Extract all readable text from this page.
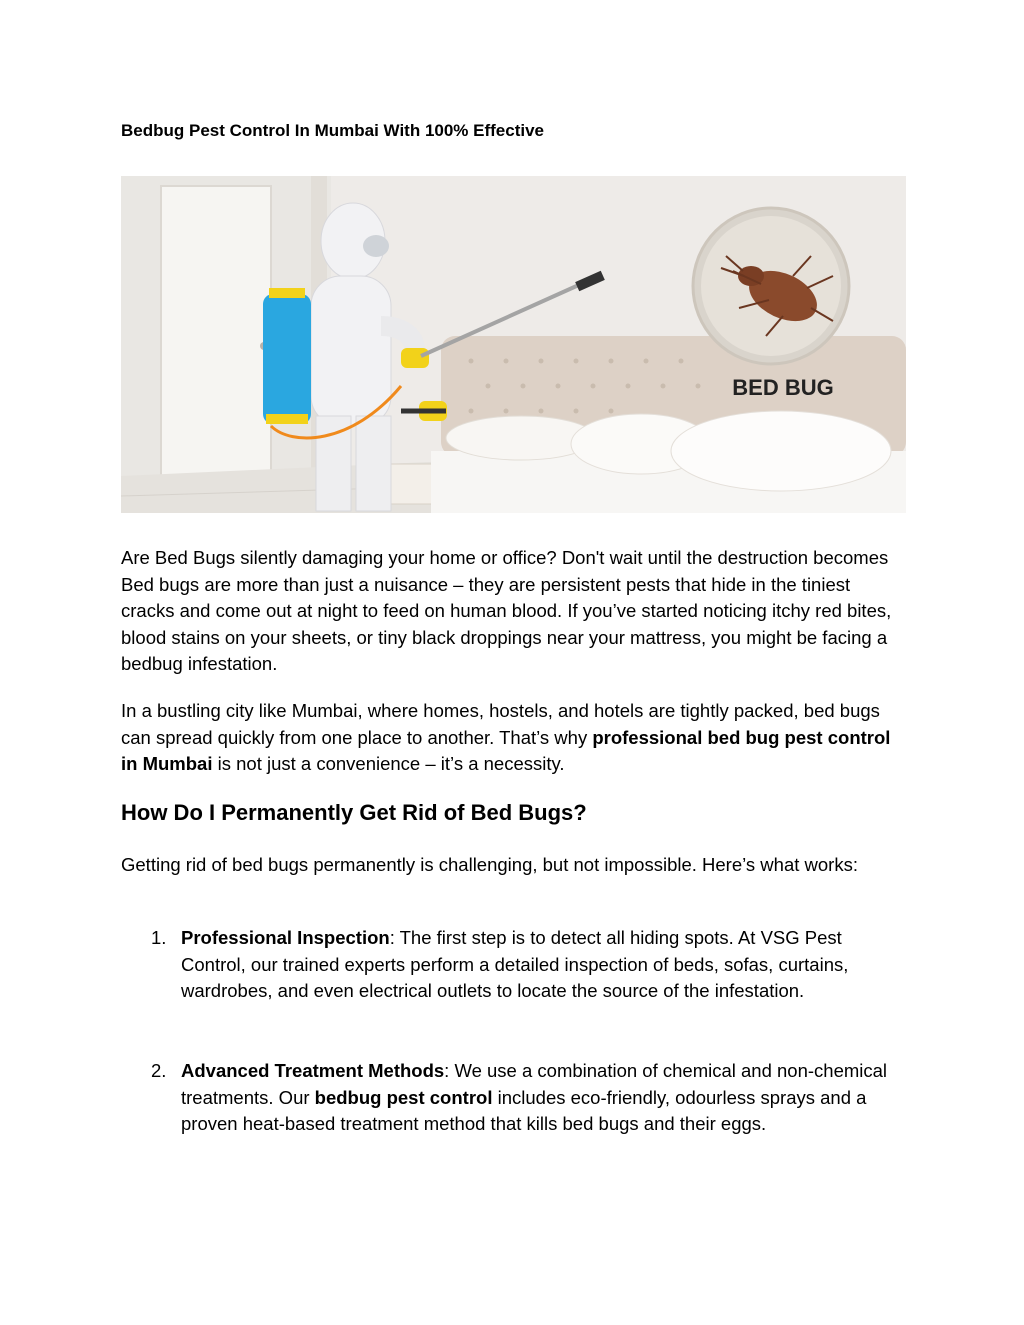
Bedbug Pest Control In Mumbai With 100% Effective
BED BUG

Are Bed Bugs silently damaging your home or office? Don't wait until the destruction becomes Bed bugs are more than just a nuisance – they are persistent pests that hide in the tiniest cracks and come out at night to feed on human blood. If you’ve started noticing itchy red bites, blood stains on your sheets, or tiny black droppings near your mattress, you might be facing a bedbug infestation.

In a bustling city like Mumbai, where homes, hostels, and hotels are tightly packed, bed bugs can spread quickly from one place to another. That’s why professional bed bug pest control in Mumbai is not just a convenience – it’s a necessity.

How Do I Permanently Get Rid of Bed Bugs?

Getting rid of bed bugs permanently is challenging, but not impossible. Here’s what works:

1. Professional Inspection: The first step is to detect all hiding spots. At VSG Pest Control, our trained experts perform a detailed inspection of beds, sofas, curtains, wardrobes, and even electrical outlets to locate the source of the infestation.
2. Advanced Treatment Methods: We use a combination of chemical and non-chemical treatments. Our bedbug pest control includes eco-friendly, odourless sprays and a proven heat-based treatment method that kills bed bugs and their eggs.
